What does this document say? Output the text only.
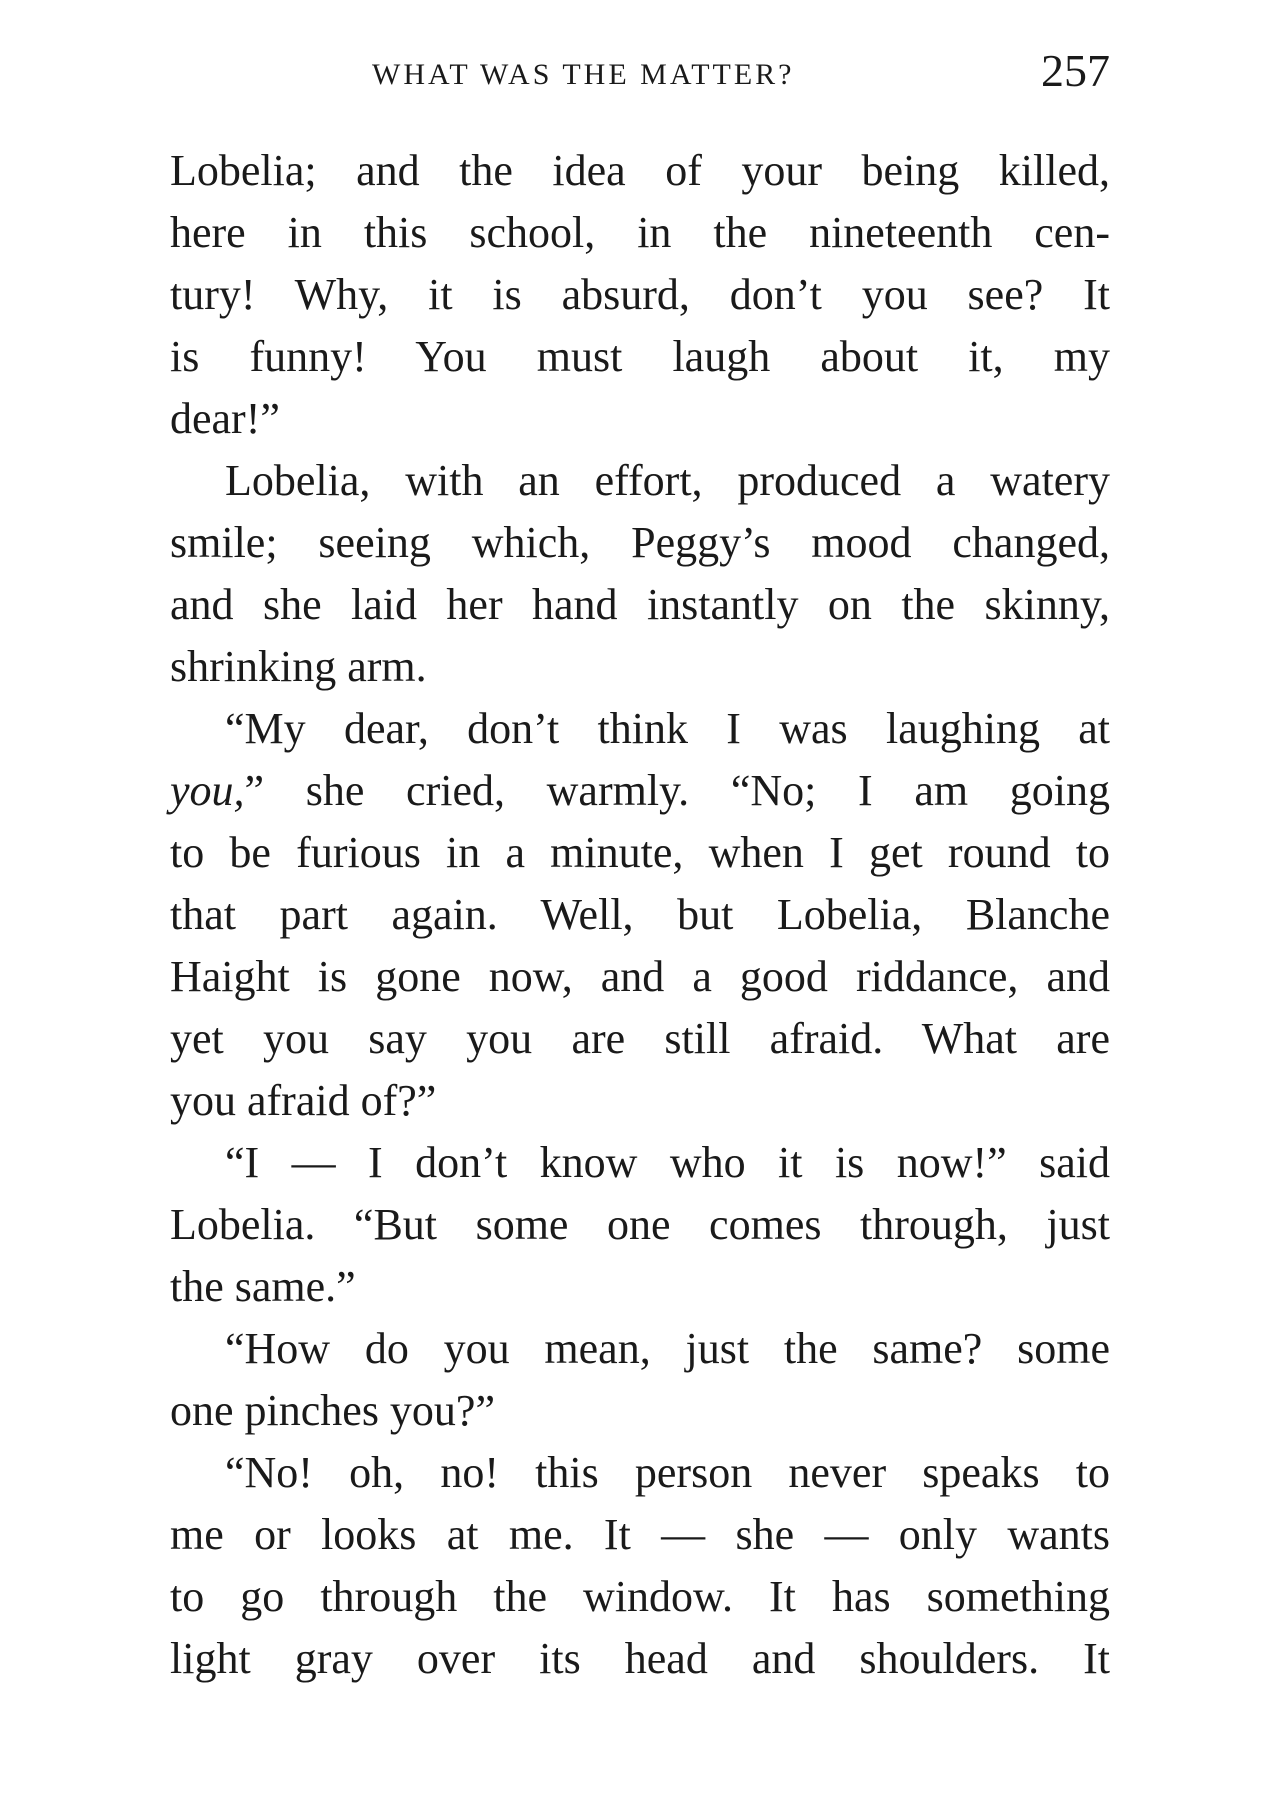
WHAT WAS THE MATTER?	257
Lobelia; and the idea of your being killed,
here in this school, in the nineteenth cen-
tury! Why, it is absurd, don’t you see? It
is funny! You must laugh about it, my
dear!”
Lobelia, with an effort, produced a watery
smile; seeing which, Peggy’s mood changed,
and she laid her hand instantly on the skinny,
shrinking arm.
“My dear, don’t think I was laughing at
you,” she cried, warmly. “No; I am going
to be furious in a minute, when I get round to
that part again. Well, but Lobelia, Blanche
Haight is gone now, and a good riddance, and
yet you say you are still afraid. What are
you afraid of?”
“I — I don’t know who it is now!” said
Lobelia. “But some one comes through, just
the same.”
“How do you mean, just the same? some
one pinches you?”
“No! oh, no! this person never speaks to
me or looks at me. It — she — only wants
to go through the window. It has something
light gray over its head and shoulders. It
